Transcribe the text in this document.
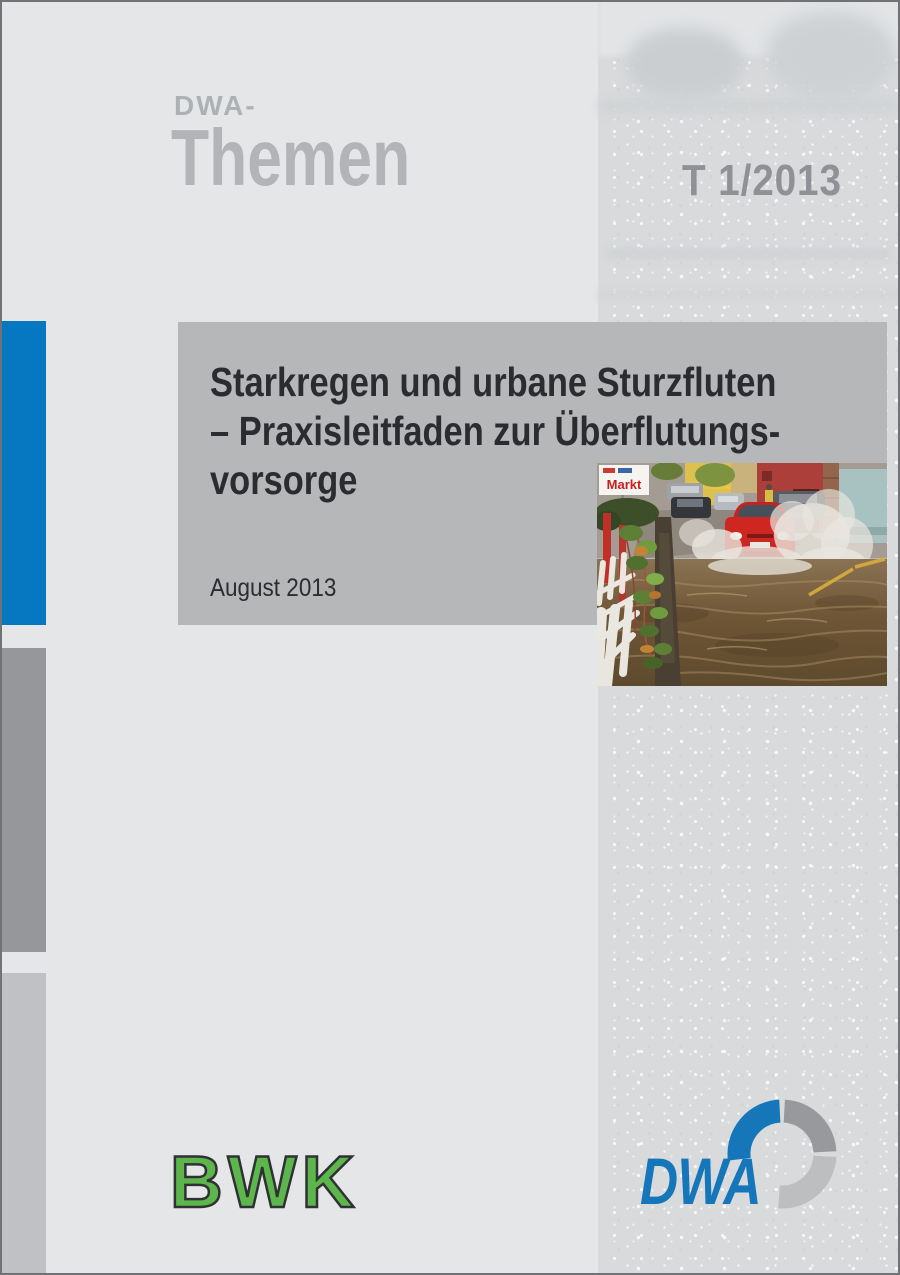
DWA-
Themen	T 1/2013
Starkregen und urbane Sturzfluten
– Praxisleitfaden zur Überflutungs-
vorsorge
August 2013
Markt
BWK	DWA
